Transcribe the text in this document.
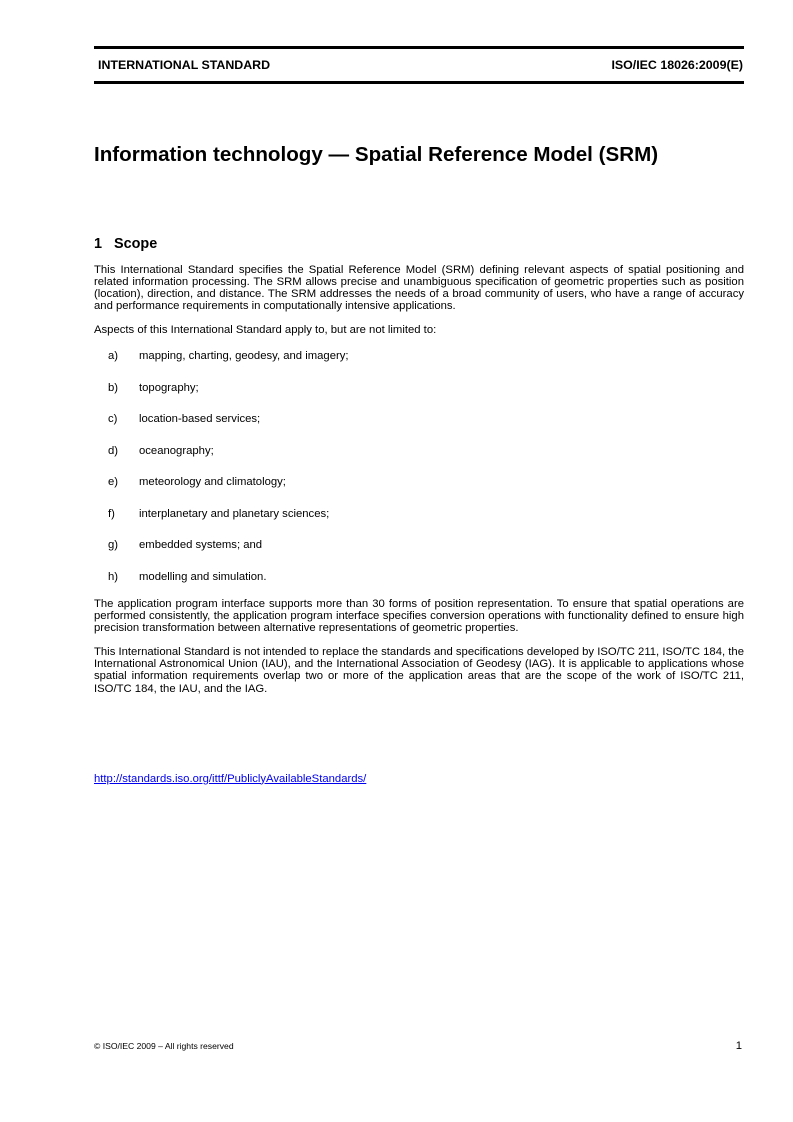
INTERNATIONAL STANDARD	ISO/IEC 18026:2009(E)
Information technology — Spatial Reference Model (SRM)
1 Scope

This International Standard specifies the Spatial Reference Model (SRM) defining relevant aspects of spatial positioning and related information processing. The SRM allows precise and unambiguous specification of geometric properties such as position (location), direction, and distance. The SRM addresses the needs of a broad community of users, who have a range of accuracy and performance requirements in computationally intensive applications.

Aspects of this International Standard apply to, but are not limited to:

a)	mapping, charting, geodesy, and imagery;
b)	topography;
c)	location-based services;
d)	oceanography;
e)	meteorology and climatology;
f)	interplanetary and planetary sciences;
g)	embedded systems; and
h)	modelling and simulation.

The application program interface supports more than 30 forms of position representation. To ensure that spatial operations are performed consistently, the application program interface specifies conversion operations with functionality defined to ensure high precision transformation between alternative representations of geometric properties.

This International Standard is not intended to replace the standards and specifications developed by ISO/TC 211, ISO/TC 184, the International Astronomical Union (IAU), and the International Association of Geodesy (IAG). It is applicable to applications whose spatial information requirements overlap two or more of the application areas that are the scope of the work of ISO/TC 211, ISO/TC 184, the IAU, and the IAG.

http://standards.iso.org/ittf/PubliclyAvailableStandards/
© ISO/IEC 2009 – All rights reserved	1
